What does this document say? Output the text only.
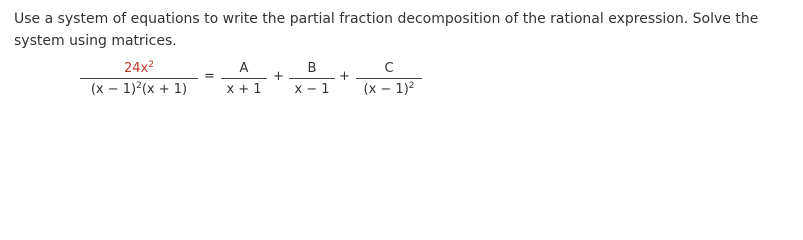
Use a system of equations to write the partial fraction decomposition of the rational expression. Solve the system using matrices.
$24x^2$
$(x - 1)^2(x + 1)$
=
A
x + 1
+
B
x − 1
+
C
$(x - 1)^2$
